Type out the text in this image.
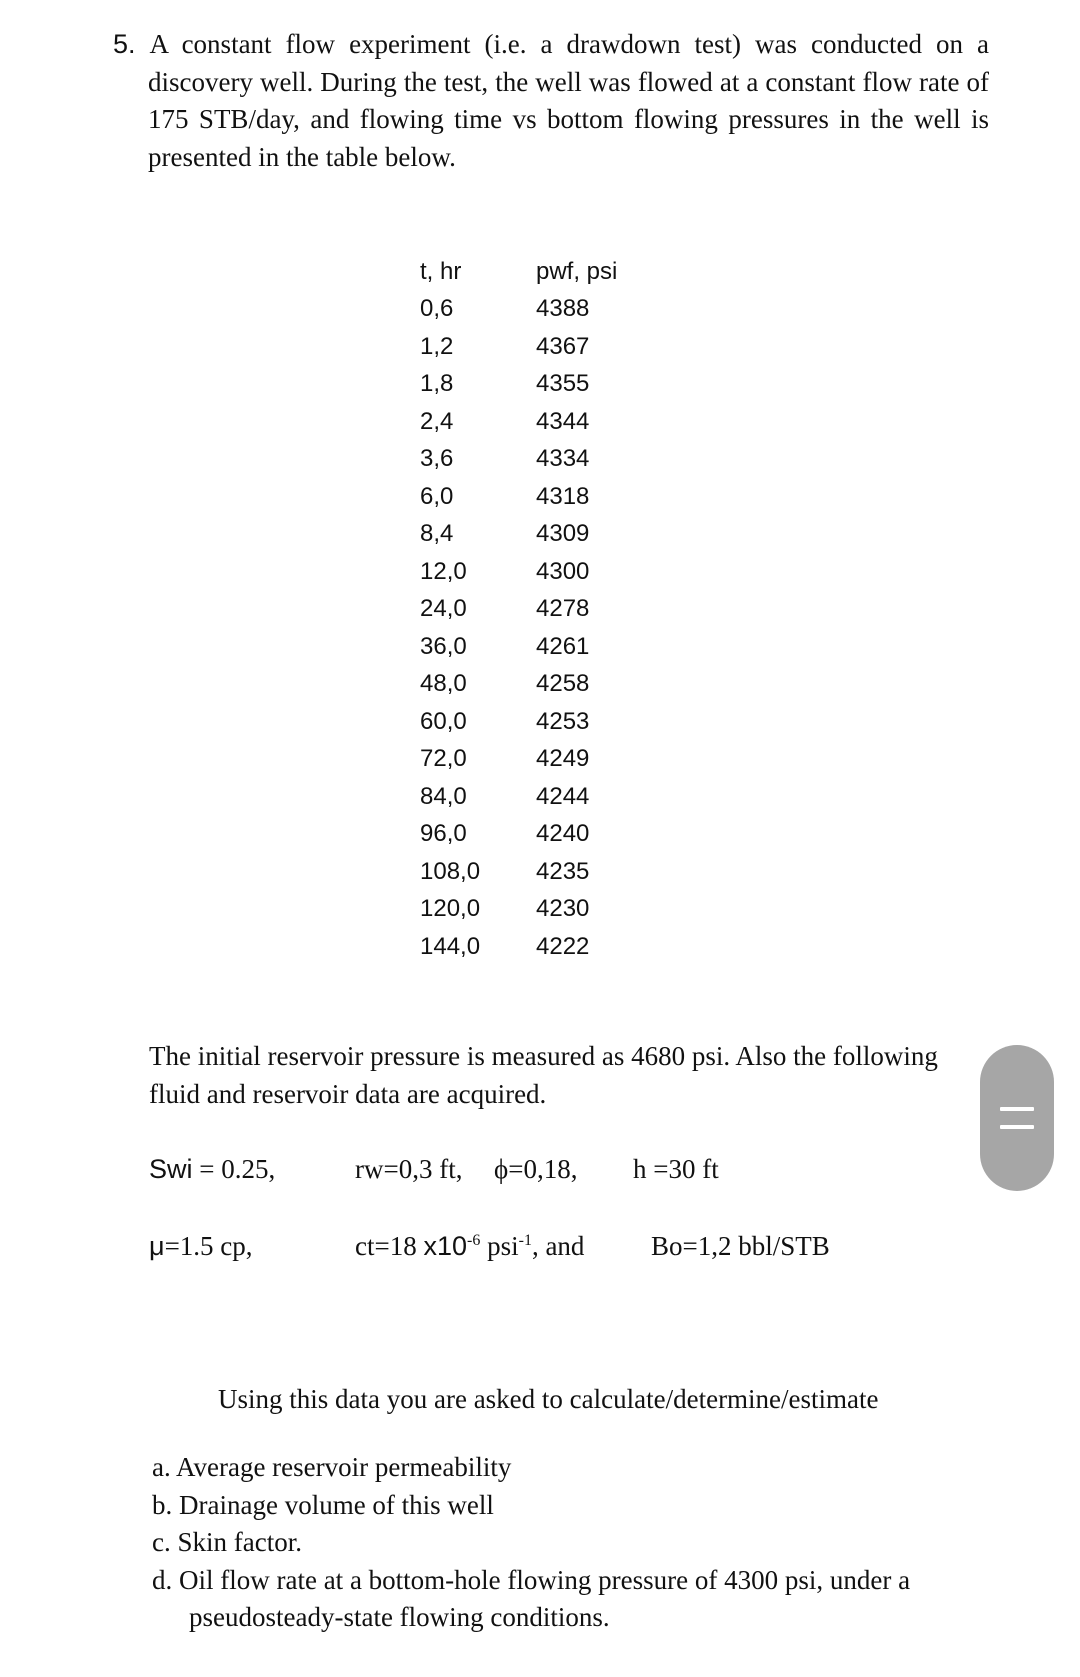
5. A constant flow experiment (i.e. a drawdown test) was conducted on a discovery well. During the test, the well was flowed at a constant flow rate of 175 STB/day, and flowing time vs bottom flowing pressures in the well is presented in the table below.

t, hr	pwf, psi
0,6	4388
1,2	4367
1,8	4355
2,4	4344
3,6	4334
6,0	4318
8,4	4309
12,0	4300
24,0	4278
36,0	4261
48,0	4258
60,0	4253
72,0	4249
84,0	4244
96,0	4240
108,0	4235
120,0	4230
144,0	4222

The initial reservoir pressure is measured as 4680 psi. Also the following fluid and reservoir data are acquired.

Swi = 0.25,	rw=0,3 ft, ϕ=0,18, h =30 ft
μ=1.5 cp,	ct=18 $x10^{-6}$ psi$^{-1}$, and Bo=1,2 bbl/STB
Using this data you are asked to calculate/determine/estimate
a. Average reservoir permeability
b. Drainage volume of this well
c. Skin factor.
d. Oil flow rate at a bottom-hole flowing pressure of 4300 psi, under a pseudosteady-state flowing conditions.
